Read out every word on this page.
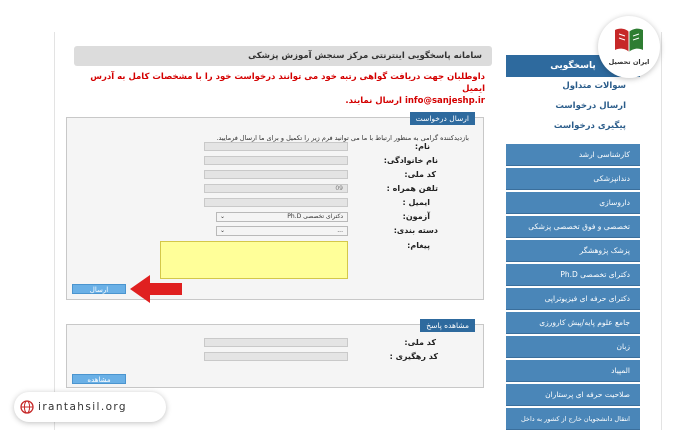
سامانه پاسخگویی اینترنتی مرکز سنجش آموزش پزشکی
داوطلبان جهت دریافت گواهی رتبه خود می توانند درخواست خود را با مشخصات کامل به آدرس ایمیل
info@sanjeshp.ir ارسال نمایند.
ارسال درخواست
بازدیدکننده گرامی به منظور ارتباط با ما می توانید فرم زیر را تکمیل و برای ما ارسال فرمایید.
نام:
نام خانوادگی:
کد ملی:
تلفن همراه :
09
ایمیل :
آزمون:
دکترای تخصصی Ph.D
⌄
دسته بندی:
...
⌄
پیغام:
ارسال
مشاهده پاسخ
کد ملی:
کد رهگیری :
مشاهده
پاسخگویی
سوالات متداول
ارسال درخواست
پیگیری درخواست
کارشناسی ارشد
دندانپزشکی
داروسازی
تخصصی و فوق تخصصی پزشکی
پزشک پژوهشگر
دکترای تخصصی Ph.D
دکترای حرفه ای فیزیوتراپی
جامع علوم پایه/پیش کارورزی
زبان
المپیاد
صلاحیت حرفه ای پرستاران
انتقال دانشجویان خارج از کشور به داخل
ایران تحصیل
irantahsil.org
